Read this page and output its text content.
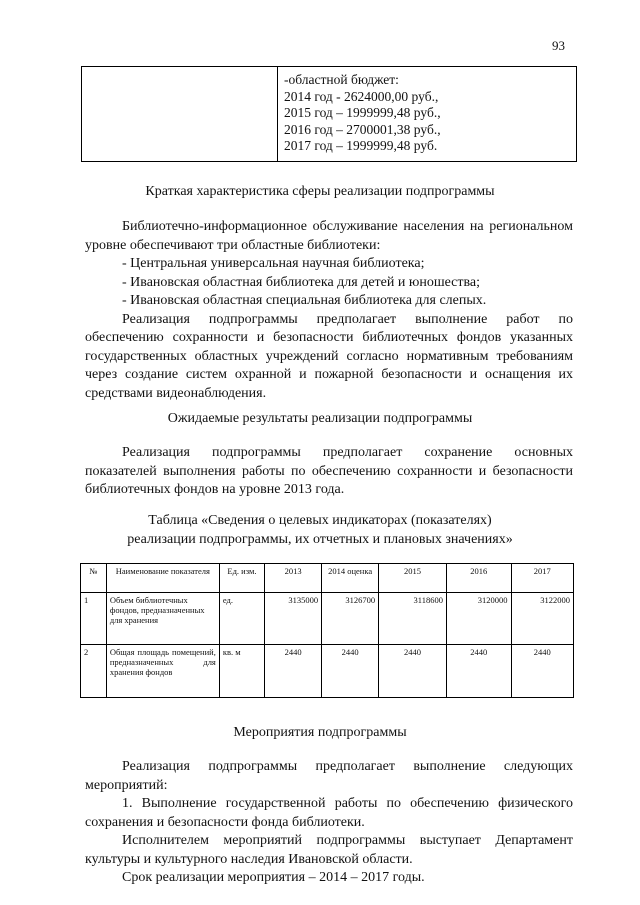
93

-областной бюджет:
2014 год - 2624000,00 руб.,
2015 год – 1999999,48 руб.,
2016 год – 2700001,38 руб.,
2017 год – 1999999,48 руб.
Краткая характеристика сферы реализации подпрограммы

Библиотечно-информационное обслуживание населения на региональном уровне обеспечивают три областные библиотеки:

- Центральная универсальная научная библиотека;

- Ивановская областная библиотека для детей и юношества;

- Ивановская областная специальная библиотека для слепых.

Реализация подпрограммы предполагает выполнение работ по обеспечению сохранности и безопасности библиотечных фондов указанных государственных областных учреждений согласно нормативным требованиям через создание систем охранной и пожарной безопасности и оснащения их средствами видеонаблюдения.

Ожидаемые результаты реализации подпрограммы

Реализация подпрограммы предполагает сохранение основных показателей выполнения работы по обеспечению сохранности и безопасности библиотечных фондов на уровне 2013 года.

Таблица «Сведения о целевых индикаторах (показателях)
реализации подпрограммы, их отчетных и плановых значениях»
№	Наименование показателя	Ед. изм.	2013	2014 оценка	2015	2016	2017
1	Объем библиотечных фондов, предназначенных для хранения	ед.	3135000	3126700	3118600	3120000	3122000
2	Общая площадь помещений, предназначенных для хранения фондов	кв. м	2440	2440	2440	2440	2440
Мероприятия подпрограммы

Реализация подпрограммы предполагает выполнение следующих мероприятий:

1. Выполнение государственной работы по обеспечению физического сохранения и безопасности фонда библиотеки.

Исполнителем мероприятий подпрограммы выступает Департамент культуры и культурного наследия Ивановской области.

Срок реализации мероприятия – 2014 – 2017 годы.
